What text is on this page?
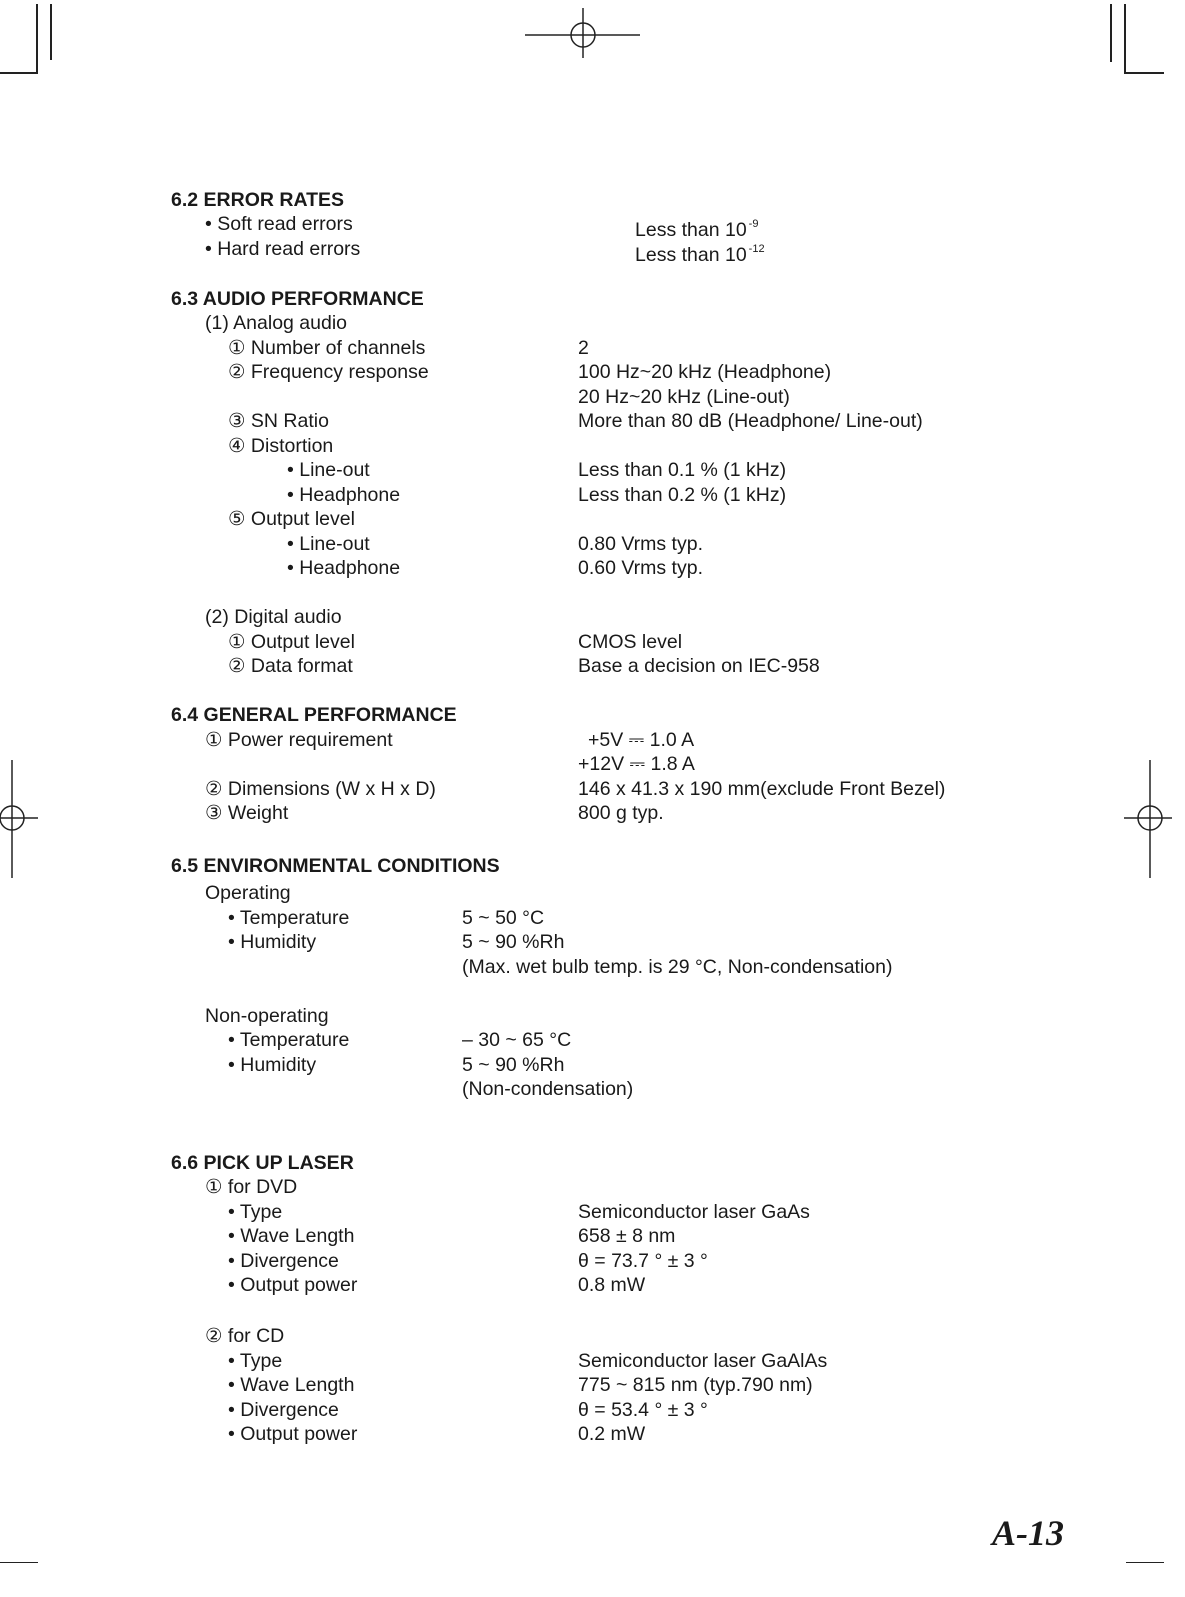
6.2 ERROR RATES
• Soft read errors	Less than 10 $^{-9}$
• Hard read errors	Less than 10 $^{-12}$
6.3 AUDIO PERFORMANCE
(1) Analog audio
① Number of channels	2
② Frequency response	100 Hz~20 kHz (Headphone)
20 Hz~20 kHz (Line-out)
③ SN Ratio	More than 80 dB (Headphone/ Line-out)
④ Distortion
• Line-out	Less than 0.1 % (1 kHz)
• Headphone	Less than 0.2 % (1 kHz)
⑤ Output level
• Line-out	0.80 Vrms typ.
• Headphone	0.60 Vrms typ.
(2) Digital audio
① Output level	CMOS level
② Data format	Base a decision on IEC-958
6.4 GENERAL PERFORMANCE
① Power requirement	+5V ⎓ 1.0 A
+12V ⎓ 1.8 A
② Dimensions (W x H x D)	146 x 41.3 x 190 mm(exclude Front Bezel)
③ Weight	800 g typ.
6.5 ENVIRONMENTAL CONDITIONS
Operating
• Temperature	5 ~ 50 °C
• Humidity	5 ~ 90 %Rh
(Max. wet bulb temp. is 29 °C, Non-condensation)
Non-operating
• Temperature	– 30 ~ 65 °C
• Humidity	5 ~ 90 %Rh
(Non-condensation)
6.6 PICK UP LASER
① for DVD
• Type	Semiconductor laser GaAs
• Wave Length	658 ± 8 nm
• Divergence	θ = 73.7 ° ± 3 °
• Output power	0.8 mW
② for CD
• Type	Semiconductor laser GaAlAs
• Wave Length	775 ~ 815 nm (typ.790 nm)
• Divergence	θ = 53.4 ° ± 3 °
• Output power	0.2 mW
A-13
